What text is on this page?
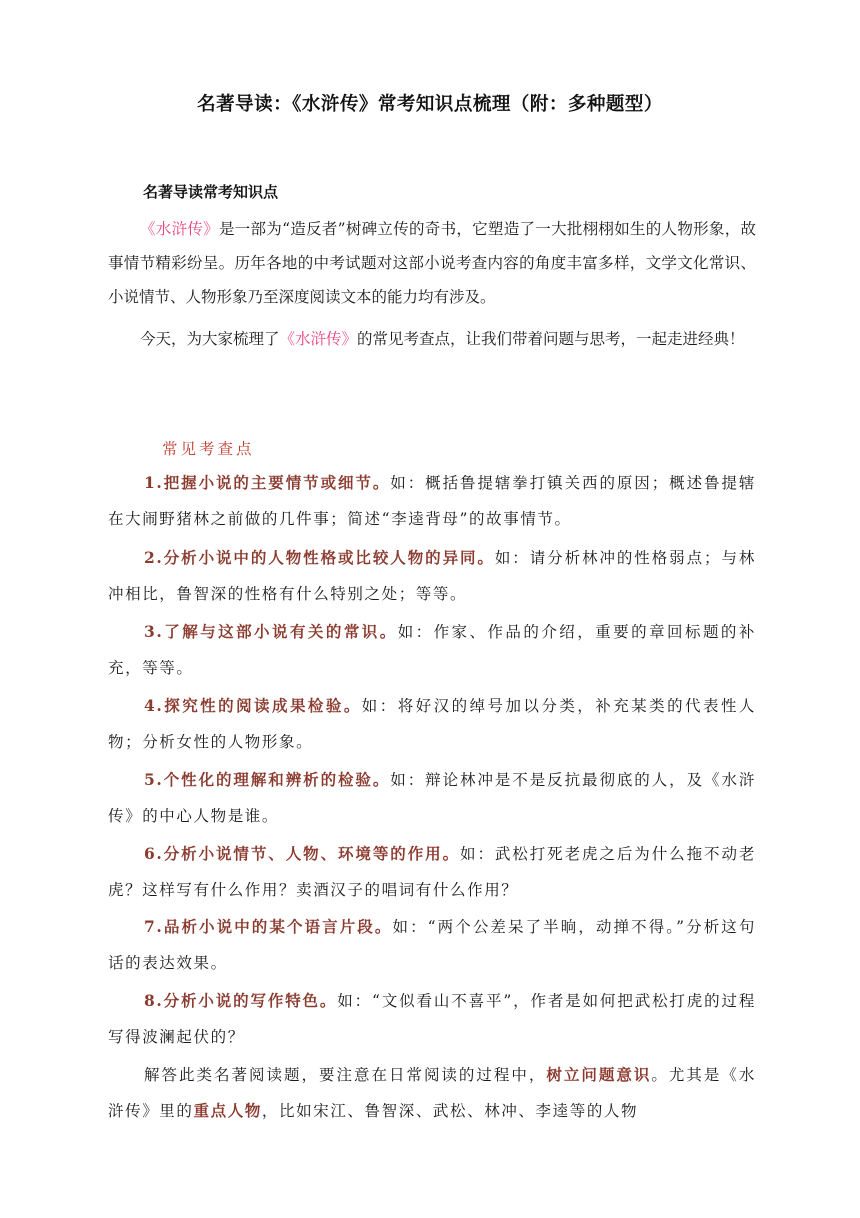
名著导读：《水浒传》常考知识点梳理（附：多种题型）
名著导读常考知识点

《水浒传》是一部为“造反者”树碑立传的奇书，它塑造了一大批栩栩如生的人物形象，故事情节精彩纷呈。历年各地的中考试题对这部小说考查内容的角度丰富多样，文学文化常识、小说情节、人物形象乃至深度阅读文本的能力均有涉及。

今天，为大家梳理了《水浒传》的常见考查点，让我们带着问题与思考，一起走进经典！

常见考查点

1.把握小说的主要情节或细节。如：概括鲁提辖拳打镇关西的原因；概述鲁提辖在大闹野猪林之前做的几件事；简述“李逵背母”的故事情节。

2.分析小说中的人物性格或比较人物的异同。如：请分析林冲的性格弱点；与林冲相比，鲁智深的性格有什么特别之处；等等。

3.了解与这部小说有关的常识。如：作家、作品的介绍，重要的章回标题的补充，等等。

4.探究性的阅读成果检验。如：将好汉的绰号加以分类，补充某类的代表性人物；分析女性的人物形象。

5.个性化的理解和辨析的检验。如：辩论林冲是不是反抗最彻底的人，及《水浒传》的中心人物是谁。

6.分析小说情节、人物、环境等的作用。如：武松打死老虎之后为什么拖不动老虎？这样写有什么作用？卖酒汉子的唱词有什么作用？

7.品析小说中的某个语言片段。如：“两个公差呆了半晌，动掸不得。”分析这句话的表达效果。

8.分析小说的写作特色。如：“文似看山不喜平”，作者是如何把武松打虎的过程写得波澜起伏的？

解答此类名著阅读题，要注意在日常阅读的过程中，树立问题意识。尤其是《水浒传》里的重点人物，比如宋江、鲁智深、武松、林冲、李逵等的人物
